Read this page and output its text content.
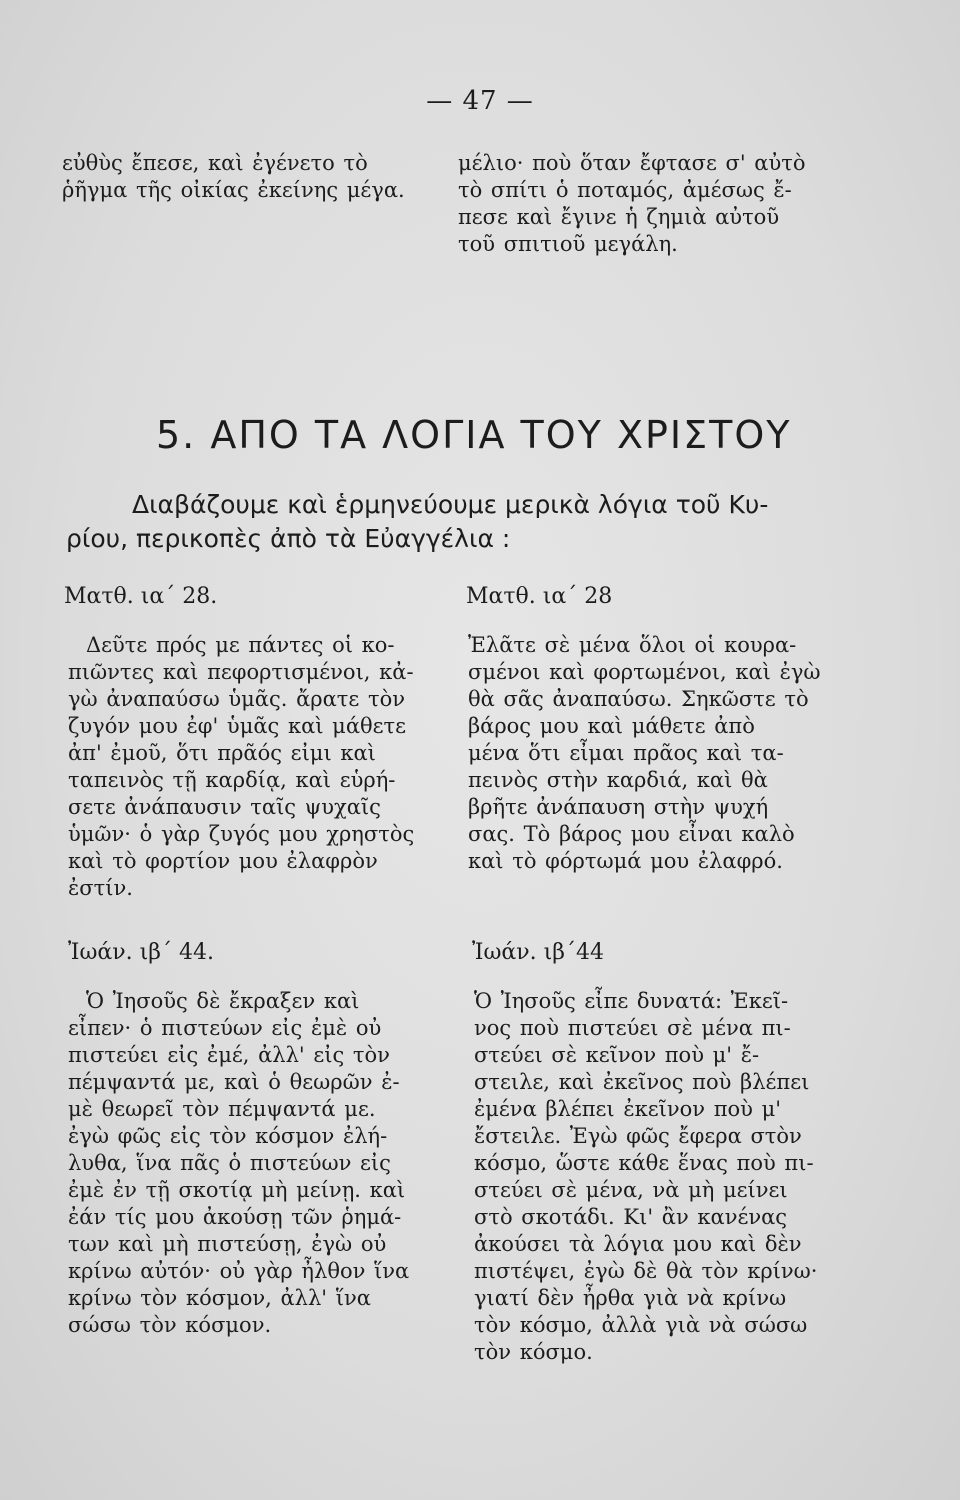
— 47 —
εὐθὺς ἔπεσε, καὶ ἐγένετο τὸ
ῥῆγμα τῆς οἰκίας ἐκείνης μέγα.
μέλιο· ποὺ ὅταν ἔφτασε σ' αὐτὸ
τὸ σπίτι ὁ ποταμός, ἀμέσως ἔ-
πεσε καὶ ἔγινε ἡ ζημιὰ αὐτοῦ
τοῦ σπιτιοῦ μεγάλη.
5. ΑΠΟ ΤΑ ΛΟΓΙΑ ΤΟΥ ΧΡΙΣΤΟΥ
Διαβάζουμε καὶ ἑρμηνεύουμε μερικὰ λόγια τοῦ Κυ-
ρίου, περικοπὲς ἀπὸ τὰ Εὐαγγέλια :
Ματθ. ια΄ 28.	Ματθ. ια΄ 28
Δεῦτε πρός με πάντες οἱ κο-
πιῶντες καὶ πεφορτισμένοι, κἀ-
γὼ ἀναπαύσω ὑμᾶς. ἄρατε τὸν
ζυγόν μου ἐφ' ὑμᾶς καὶ μάθετε
ἀπ' ἐμοῦ, ὅτι πρᾶός εἰμι καὶ
ταπεινὸς τῇ καρδίᾳ, καὶ εὑρή-
σετε ἀνάπαυσιν ταῖς ψυχαῖς
ὑμῶν· ὁ γὰρ ζυγός μου χρηστὸς
καὶ τὸ φορτίον μου ἐλαφρὸν
ἐστίν.
Ἐλᾶτε σὲ μένα ὅλοι οἱ κουρα-
σμένοι καὶ φορτωμένοι, καὶ ἐγὼ
θὰ σᾶς ἀναπαύσω. Σηκῶστε τὸ
βάρος μου καὶ μάθετε ἀπὸ
μένα ὅτι εἶμαι πρᾶος καὶ τα-
πεινὸς στὴν καρδιά, καὶ θὰ
βρῆτε ἀνάπαυση στὴν ψυχή
σας. Τὸ βάρος μου εἶναι καλὸ
καὶ τὸ φόρτωμά μου ἐλαφρό.
Ἰωάν. ιβ΄ 44.	Ἰωάν. ιβ΄44
Ὁ Ἰησοῦς δὲ ἔκραξεν καὶ
εἶπεν· ὁ πιστεύων εἰς ἐμὲ οὐ
πιστεύει εἰς ἐμέ, ἀλλ' εἰς τὸν
πέμψαντά με, καὶ ὁ θεωρῶν ἐ-
μὲ θεωρεῖ τὸν πέμψαντά με.
ἐγὼ φῶς εἰς τὸν κόσμον ἐλή-
λυθα, ἵνα πᾶς ὁ πιστεύων εἰς
ἐμὲ ἐν τῇ σκοτίᾳ μὴ μείνῃ. καὶ
ἐάν τίς μου ἀκούσῃ τῶν ῥημά-
των καὶ μὴ πιστεύσῃ, ἐγὼ οὐ
κρίνω αὐτόν· οὐ γὰρ ἦλθον ἵνα
κρίνω τὸν κόσμον, ἀλλ' ἵνα
σώσω τὸν κόσμον.
Ὁ Ἰησοῦς εἶπε δυνατά: Ἐκεῖ-
νος ποὺ πιστεύει σὲ μένα πι-
στεύει σὲ κεῖνον ποὺ μ' ἔ-
στειλε, καὶ ἐκεῖνος ποὺ βλέπει
ἐμένα βλέπει ἐκεῖνον ποὺ μ'
ἔστειλε. Ἐγὼ φῶς ἔφερα στὸν
κόσμο, ὥστε κάθε ἕνας ποὺ πι-
στεύει σὲ μένα, νὰ μὴ μείνει
στὸ σκοτάδι. Κι' ἂν κανένας
ἀκούσει τὰ λόγια μου καὶ δὲν
πιστέψει, ἐγὼ δὲ θὰ τὸν κρίνω·
γιατί δὲν ἦρθα γιὰ νὰ κρίνω
τὸν κόσμο, ἀλλὰ γιὰ νὰ σώσω
τὸν κόσμο.
